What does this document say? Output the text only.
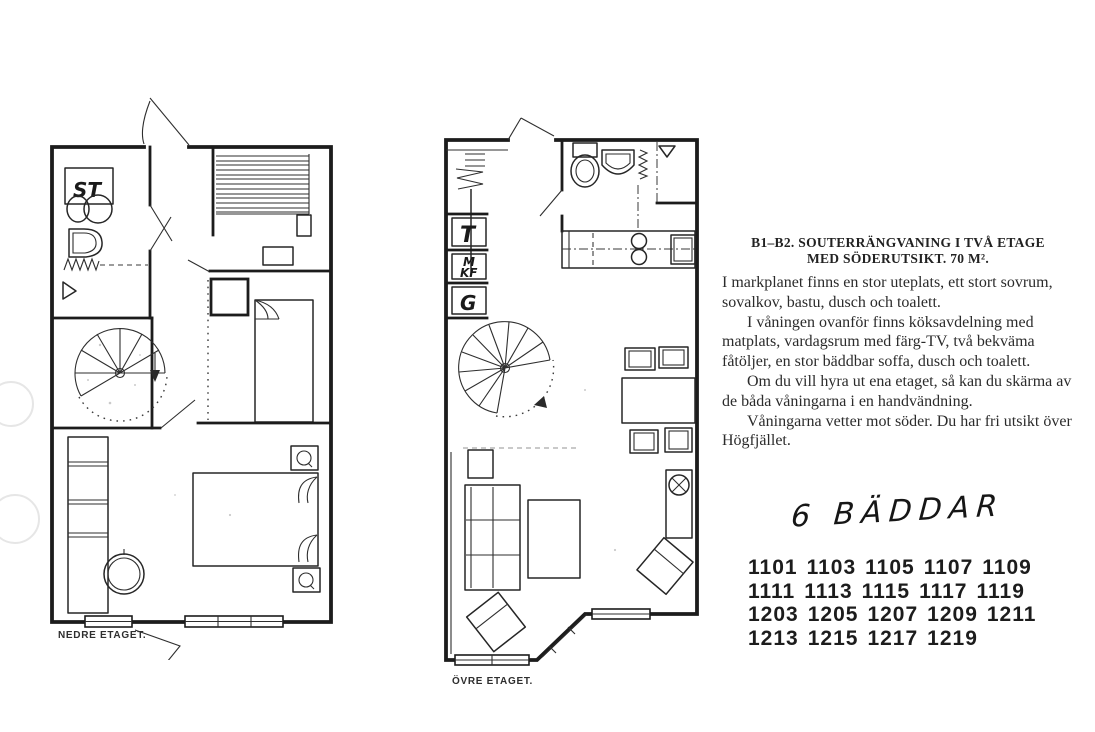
ST
T
M
KF
G
NEDRE ETAGET.
ÖVRE ETAGET.
B1–B2. SOUTERRÄNGVANING I TVÅ ETAGE
MED SÖDERUTSIKT. 70 M².

I markplanet finns en stor uteplats, ett stort sovrum, sovalkov, bastu, dusch och toalett.

I våningen ovanför finns köksavdelning med matplats, vardagsrum med färg-TV, två bekväma fåtöljer, en stor bäddbar soffa, dusch och toalett.

Om du vill hyra ut ena etaget, så kan du skärma av de båda våningarna i en handvändning.

Våningarna vetter mot söder. Du har fri utsikt över Högfjället.

6 BÄDDAR
1101 1103 1105 1107 1109
1111 1113 1115 1117 1119
1203 1205 1207 1209 1211
1213 1215 1217 1219
